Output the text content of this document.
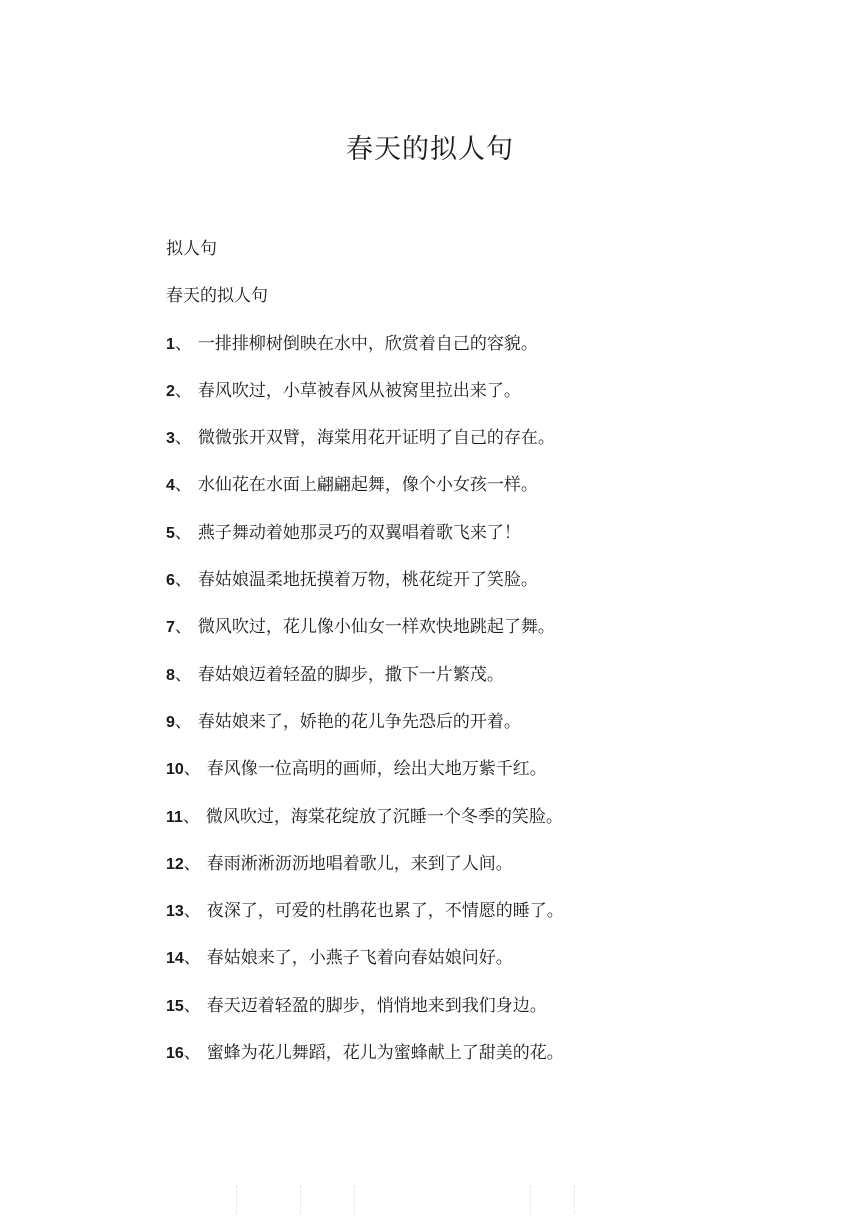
春天的拟人句
拟人句
春天的拟人句
1、 一排排柳树倒映在水中，欣赏着自己的容貌。
2、 春风吹过，小草被春风从被窝里拉出来了。
3、 微微张开双臂，海棠用花开证明了自己的存在。
4、 水仙花在水面上翩翩起舞，像个小女孩一样。
5、 燕子舞动着她那灵巧的双翼唱着歌飞来了！
6、 春姑娘温柔地抚摸着万物，桃花绽开了笑脸。
7、 微风吹过，花儿像小仙女一样欢快地跳起了舞。
8、 春姑娘迈着轻盈的脚步，撒下一片繁茂。
9、 春姑娘来了，娇艳的花儿争先恐后的开着。
10、 春风像一位高明的画师，绘出大地万紫千红。
11、 微风吹过，海棠花绽放了沉睡一个冬季的笑脸。
12、 春雨淅淅沥沥地唱着歌儿，来到了人间。
13、 夜深了，可爱的杜鹃花也累了，不情愿的睡了。
14、 春姑娘来了，小燕子飞着向春姑娘问好。
15、 春天迈着轻盈的脚步，悄悄地来到我们身边。
16、 蜜蜂为花儿舞蹈，花儿为蜜蜂献上了甜美的花。
